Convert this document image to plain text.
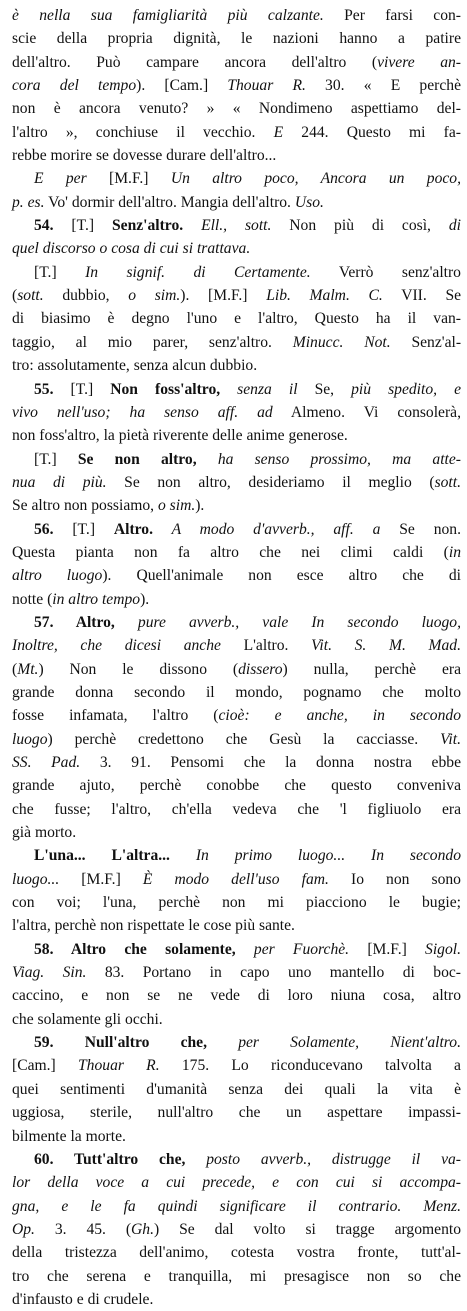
è nella sua famigliarità più calzante. Per farsi con-
scie della propria dignità, le nazioni hanno a patire
dell'altro. Può campare ancora dell'altro (vivere an-
cora del tempo). [Cam.] Thouar R. 30. « E perchè
non è ancora venuto? » « Nondimeno aspettiamo del-
l'altro », conchiuse il vecchio. E 244. Questo mi fa-
rebbe morire se dovesse durare dell'altro...
E per [M.F.] Un altro poco, Ancora un poco,
p. es. Vo' dormir dell'altro. Mangia dell'altro. Uso.
54. [T.] Senz'altro. Ell., sott. Non più di così, di
quel discorso o cosa di cui si trattava.
[T.] In signif. di Certamente. Verrò senz'altro
(sott. dubbio, o sim.). [M.F.] Lib. Malm. C. VII. Se
di biasimo è degno l'uno e l'altro, Questo ha il van-
taggio, al mio parer, senz'altro. Minucc. Not. Senz'al-
tro: assolutamente, senza alcun dubbio.
55. [T.] Non foss'altro, senza il Se, più spedito, e
vivo nell'uso; ha senso aff. ad Almeno. Vi consolerà,
non foss'altro, la pietà riverente delle anime generose.
[T.] Se non altro, ha senso prossimo, ma atte-
nua di più. Se non altro, desideriamo il meglio (sott.
Se altro non possiamo, o sim.).
56. [T.] Altro. A modo d'avverb., aff. a Se non.
Questa pianta non fa altro che nei climi caldi (in
altro luogo). Quell'animale non esce altro che di
notte (in altro tempo).
57. Altro, pure avverb., vale In secondo luogo,
Inoltre, che dicesi anche L'altro. Vit. S. M. Mad.
(Mt.) Non le dissono (dissero) nulla, perchè era
grande donna secondo il mondo, pognamo che molto
fosse infamata, l'altro (cioè: e anche, in secondo
luogo) perchè credettono che Gesù la cacciasse. Vit.
SS. Pad. 3. 91. Pensomi che la donna nostra ebbe
grande ajuto, perchè conobbe che questo conveniva
che fusse; l'altro, ch'ella vedeva che 'l figliuolo era
già morto.
L'una... L'altra... In primo luogo... In secondo
luogo... [M.F.] È modo dell'uso fam. Io non sono
con voi; l'una, perchè non mi piacciono le bugie;
l'altra, perchè non rispettate le cose più sante.
58. Altro che solamente, per Fuorchè. [M.F.] Sigol.
Viag. Sin. 83. Portano in capo uno mantello di boc-
caccino, e non se ne vede di loro niuna cosa, altro
che solamente gli occhi.
59. Null'altro che, per Solamente, Nient'altro.
[Cam.] Thouar R. 175. Lo riconducevano talvolta a
quei sentimenti d'umanità senza dei quali la vita è
uggiosa, sterile, null'altro che un aspettare impassi-
bilmente la morte.
60. Tutt'altro che, posto avverb., distrugge il va-
lor della voce a cui precede, e con cui si accompa-
gna, e le fa quindi significare il contrario. Menz.
Op. 3. 45. (Gh.) Se dal volto si tragge argomento
della tristezza dell'animo, cotesta vostra fronte, tutt'al-
tro che serena e tranquilla, mi presagisce non so che
d'infausto e di crudele.
